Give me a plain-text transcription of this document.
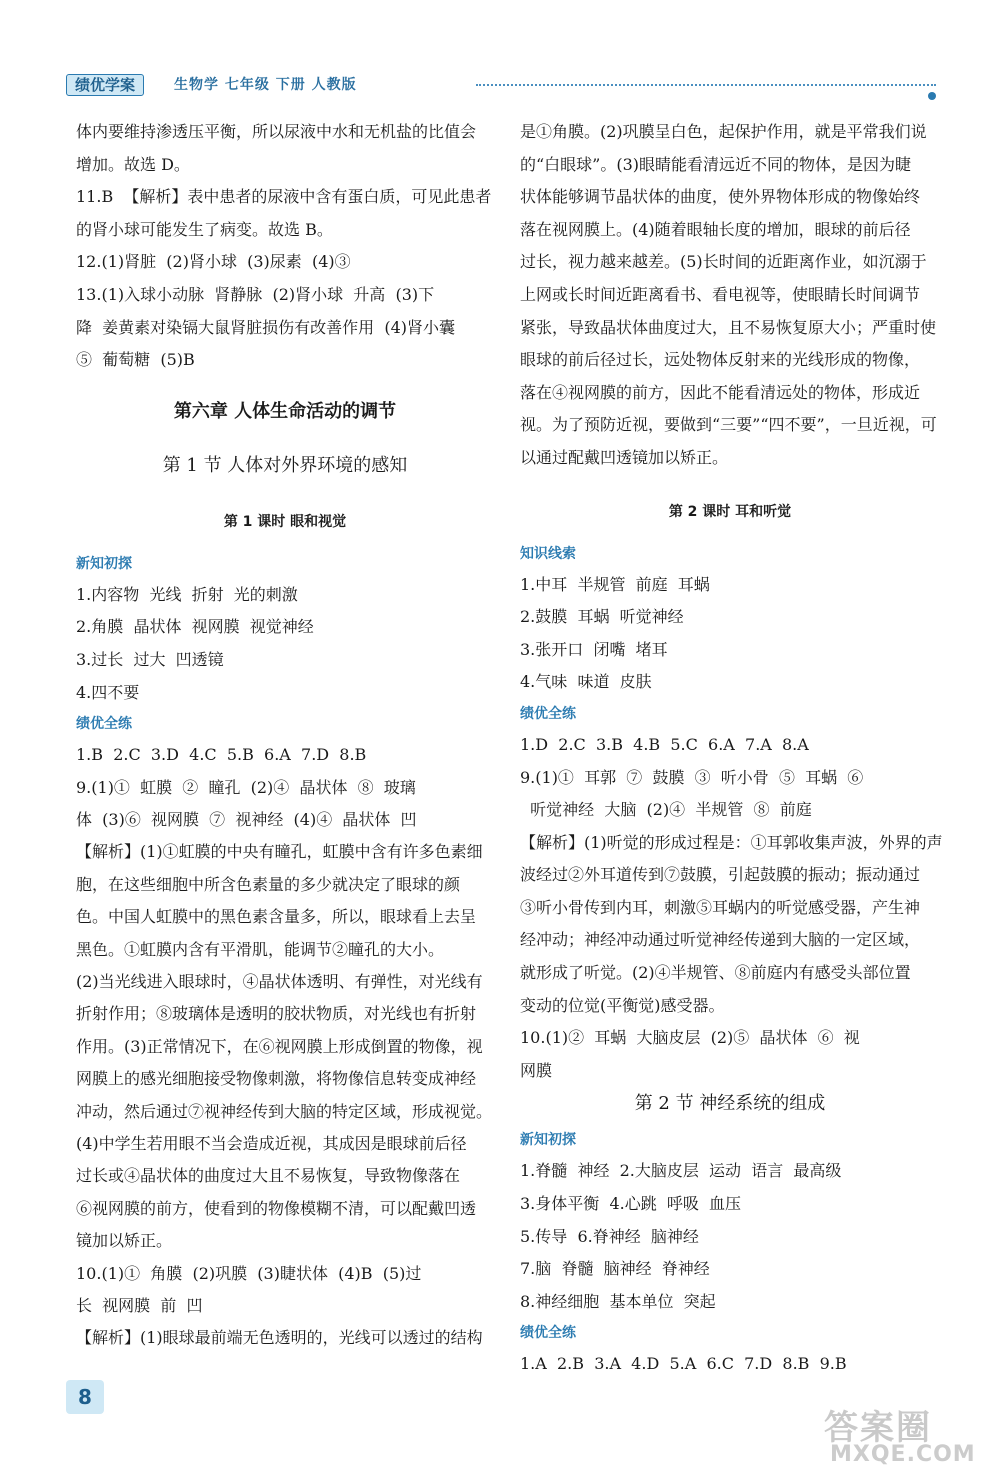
绩优学案	生物学 七年级 下册 人教版
体内要维持渗透压平衡，所以尿液中水和无机盐的比值会
增加。故选 D。
11.B  【解析】表中患者的尿液中含有蛋白质，可见此患者
的肾小球可能发生了病变。故选 B。
12.(1)肾脏  (2)肾小球  (3)尿素  (4)③
13.(1)入球小动脉  肾静脉  (2)肾小球  升高  (3)下
降  姜黄素对染镉大鼠肾脏损伤有改善作用  (4)肾小囊
⑤  葡萄糖  (5)B
第六章 人体生命活动的调节
第 1 节 人体对外界环境的感知
第 1 课时 眼和视觉
新知初探
1.内容物  光线  折射  光的刺激
2.角膜  晶状体  视网膜  视觉神经
3.过长  过大  凹透镜
4.四不要
绩优全练
1.B  2.C  3.D  4.C  5.B  6.A  7.D  8.B
9.(1)①  虹膜  ②  瞳孔  (2)④  晶状体  ⑧  玻璃
体  (3)⑥  视网膜  ⑦  视神经  (4)④  晶状体  凹
【解析】(1)①虹膜的中央有瞳孔，虹膜中含有许多色素细
胞，在这些细胞中所含色素量的多少就决定了眼球的颜
色。中国人虹膜中的黑色素含量多，所以，眼球看上去呈
黑色。①虹膜内含有平滑肌，能调节②瞳孔的大小。
(2)当光线进入眼球时，④晶状体透明、有弹性，对光线有
折射作用；⑧玻璃体是透明的胶状物质，对光线也有折射
作用。(3)正常情况下，在⑥视网膜上形成倒置的物像，视
网膜上的感光细胞接受物像刺激，将物像信息转变成神经
冲动，然后通过⑦视神经传到大脑的特定区域，形成视觉。
(4)中学生若用眼不当会造成近视，其成因是眼球前后径
过长或④晶状体的曲度过大且不易恢复，导致物像落在
⑥视网膜的前方，使看到的物像模糊不清，可以配戴凹透
镜加以矫正。
10.(1)①  角膜  (2)巩膜  (3)睫状体  (4)B  (5)过
长  视网膜  前  凹
【解析】(1)眼球最前端无色透明的，光线可以透过的结构
是①角膜。(2)巩膜呈白色，起保护作用，就是平常我们说
的“白眼球”。(3)眼睛能看清远近不同的物体，是因为睫
状体能够调节晶状体的曲度，使外界物体形成的物像始终
落在视网膜上。(4)随着眼轴长度的增加，眼球的前后径
过长，视力越来越差。(5)长时间的近距离作业，如沉溺于
上网或长时间近距离看书、看电视等，使眼睛长时间调节
紧张，导致晶状体曲度过大，且不易恢复原大小；严重时使
眼球的前后径过长，远处物体反射来的光线形成的物像，
落在④视网膜的前方，因此不能看清远处的物体，形成近
视。为了预防近视，要做到“三要”“四不要”，一旦近视，可
以通过配戴凹透镜加以矫正。
第 2 课时 耳和听觉
知识线索
1.中耳  半规管  前庭  耳蜗
2.鼓膜  耳蜗  听觉神经
3.张开口  闭嘴  堵耳
4.气味  味道  皮肤
绩优全练
1.D  2.C  3.B  4.B  5.C  6.A  7.A  8.A
9.(1)①  耳郭  ⑦  鼓膜  ③  听小骨  ⑤  耳蜗  ⑥
听觉神经  大脑  (2)④  半规管  ⑧  前庭
【解析】(1)听觉的形成过程是：①耳郭收集声波，外界的声
波经过②外耳道传到⑦鼓膜，引起鼓膜的振动；振动通过
③听小骨传到内耳，刺激⑤耳蜗内的听觉感受器，产生神
经冲动；神经冲动通过听觉神经传递到大脑的一定区域，
就形成了听觉。(2)④半规管、⑧前庭内有感受头部位置
变动的位觉(平衡觉)感受器。
10.(1)②  耳蜗  大脑皮层  (2)⑤  晶状体  ⑥  视
网膜
第 2 节 神经系统的组成
新知初探
1.脊髓  神经  2.大脑皮层  运动  语言  最高级
3.身体平衡  4.心跳  呼吸  血压
5.传导  6.脊神经  脑神经
7.脑  脊髓  脑神经  脊神经
8.神经细胞  基本单位  突起
绩优全练
1.A  2.B  3.A  4.D  5.A  6.C  7.D  8.B  9.B
8
答案圈
MXQE.COM
